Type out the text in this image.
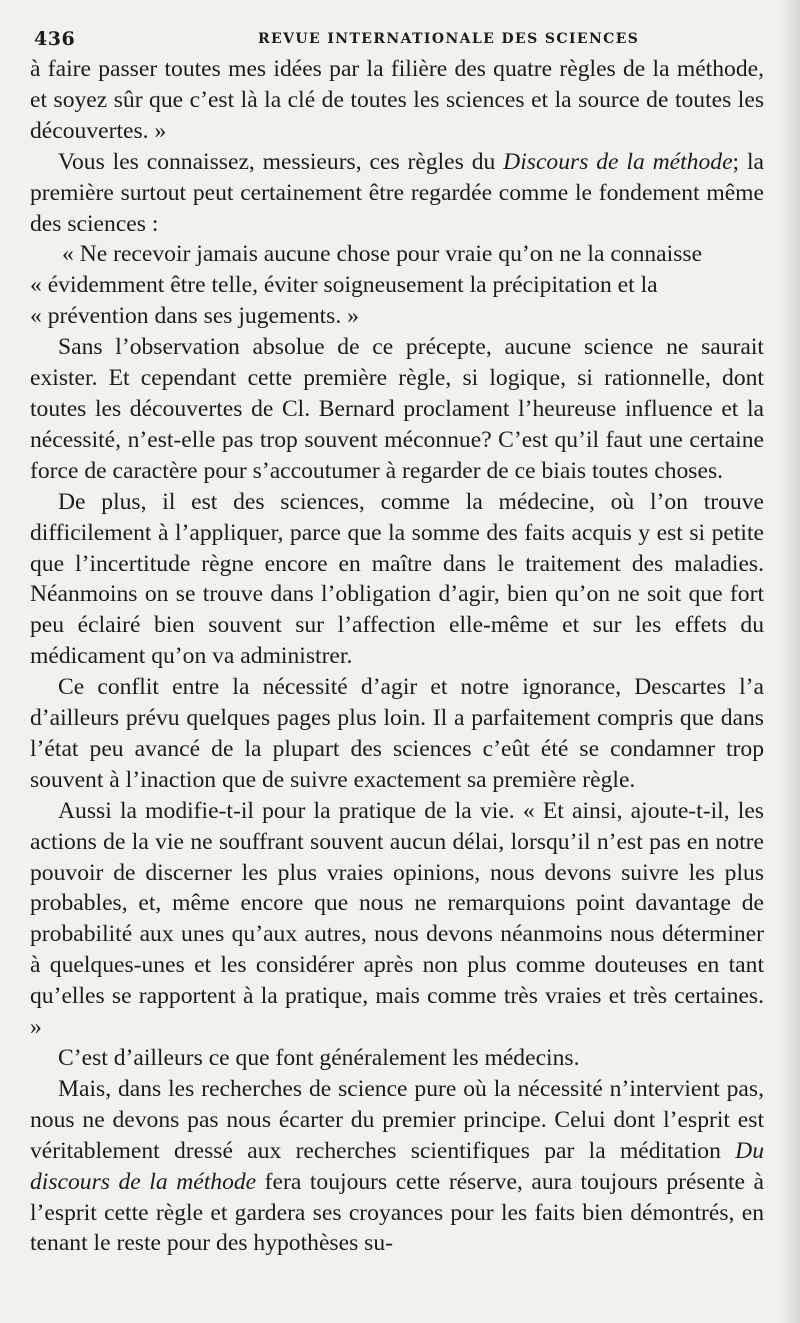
436	REVUE INTERNATIONALE DES SCIENCES

à faire passer toutes mes idées par la filière des quatre règles de la méthode, et soyez sûr que c’est là la clé de toutes les sciences et la source de toutes les découvertes. »

Vous les connaissez, messieurs, ces règles du Discours de la méthode; la première surtout peut certainement être regardée comme le fondement même des sciences :

« Ne recevoir jamais aucune chose pour vraie qu’on ne la connaisse

« évidemment être telle, éviter soigneusement la précipitation et la

« prévention dans ses jugements. »

Sans l’observation absolue de ce précepte, aucune science ne saurait exister. Et cependant cette première règle, si logique, si rationnelle, dont toutes les découvertes de Cl. Bernard proclament l’heureuse influence et la nécessité, n’est-elle pas trop souvent méconnue? C’est qu’il faut une certaine force de caractère pour s’accoutumer à regarder de ce biais toutes choses.

De plus, il est des sciences, comme la médecine, où l’on trouve difficilement à l’appliquer, parce que la somme des faits acquis y est si petite que l’incertitude règne encore en maître dans le traitement des maladies. Néanmoins on se trouve dans l’obligation d’agir, bien qu’on ne soit que fort peu éclairé bien souvent sur l’affection elle-même et sur les effets du médicament qu’on va administrer.

Ce conflit entre la nécessité d’agir et notre ignorance, Descartes l’a d’ailleurs prévu quelques pages plus loin. Il a parfaitement compris que dans l’état peu avancé de la plupart des sciences c’eût été se condamner trop souvent à l’inaction que de suivre exactement sa première règle.

Aussi la modifie-t-il pour la pratique de la vie. « Et ainsi, ajoute-t-il, les actions de la vie ne souffrant souvent aucun délai, lorsqu’il n’est pas en notre pouvoir de discerner les plus vraies opinions, nous devons suivre les plus probables, et, même encore que nous ne remarquions point davantage de probabilité aux unes qu’aux autres, nous devons néanmoins nous déterminer à quelques-unes et les considérer après non plus comme douteuses en tant qu’elles se rapportent à la pratique, mais comme très vraies et très certaines. »

C’est d’ailleurs ce que font généralement les médecins.

Mais, dans les recherches de science pure où la nécessité n’intervient pas, nous ne devons pas nous écarter du premier principe. Celui dont l’esprit est véritablement dressé aux recherches scientifiques par la méditation Du discours de la méthode fera toujours cette réserve, aura toujours présente à l’esprit cette règle et gardera ses croyances pour les faits bien démontrés, en tenant le reste pour des hypothèses su-
